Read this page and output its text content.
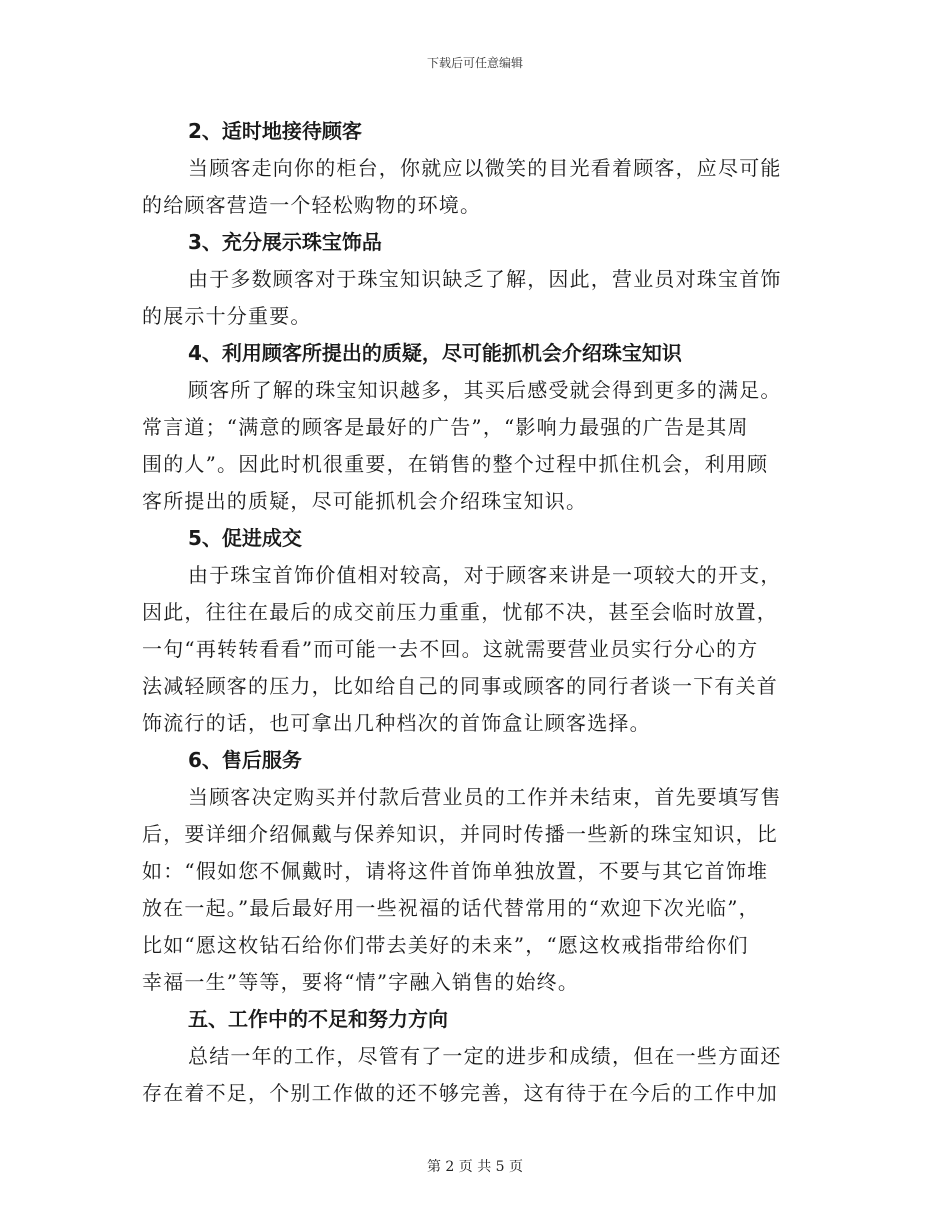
下载后可任意编辑
2、适时地接待顾客
当顾客走向你的柜台，你就应以微笑的目光看着顾客，应尽可能
的给顾客营造一个轻松购物的环境。
3、充分展示珠宝饰品
由于多数顾客对于珠宝知识缺乏了解，因此，营业员对珠宝首饰
的展示十分重要。
4、利用顾客所提出的质疑，尽可能抓机会介绍珠宝知识
顾客所了解的珠宝知识越多，其买后感受就会得到更多的满足。
常言道；“满意的顾客是最好的广告”，“影响力最强的广告是其周
围的人”。因此时机很重要，在销售的整个过程中抓住机会，利用顾
客所提出的质疑，尽可能抓机会介绍珠宝知识。
5、促进成交
由于珠宝首饰价值相对较高，对于顾客来讲是一项较大的开支，
因此，往往在最后的成交前压力重重，忧郁不决，甚至会临时放置，
一句“再转转看看”而可能一去不回。这就需要营业员实行分心的方
法减轻顾客的压力，比如给自己的同事或顾客的同行者谈一下有关首
饰流行的话，也可拿出几种档次的首饰盒让顾客选择。
6、售后服务
当顾客决定购买并付款后营业员的工作并未结束，首先要填写售
后，要详细介绍佩戴与保养知识，并同时传播一些新的珠宝知识，比
如：“假如您不佩戴时，请将这件首饰单独放置，不要与其它首饰堆
放在一起。”最后最好用一些祝福的话代替常用的“欢迎下次光临”，
比如“愿这枚钻石给你们带去美好的未来”，“愿这枚戒指带给你们
幸福一生”等等，要将“情”字融入销售的始终。
五、工作中的不足和努力方向
总结一年的工作，尽管有了一定的进步和成绩，但在一些方面还
存在着不足，个别工作做的还不够完善，这有待于在今后的工作中加
第 2 页 共 5 页
